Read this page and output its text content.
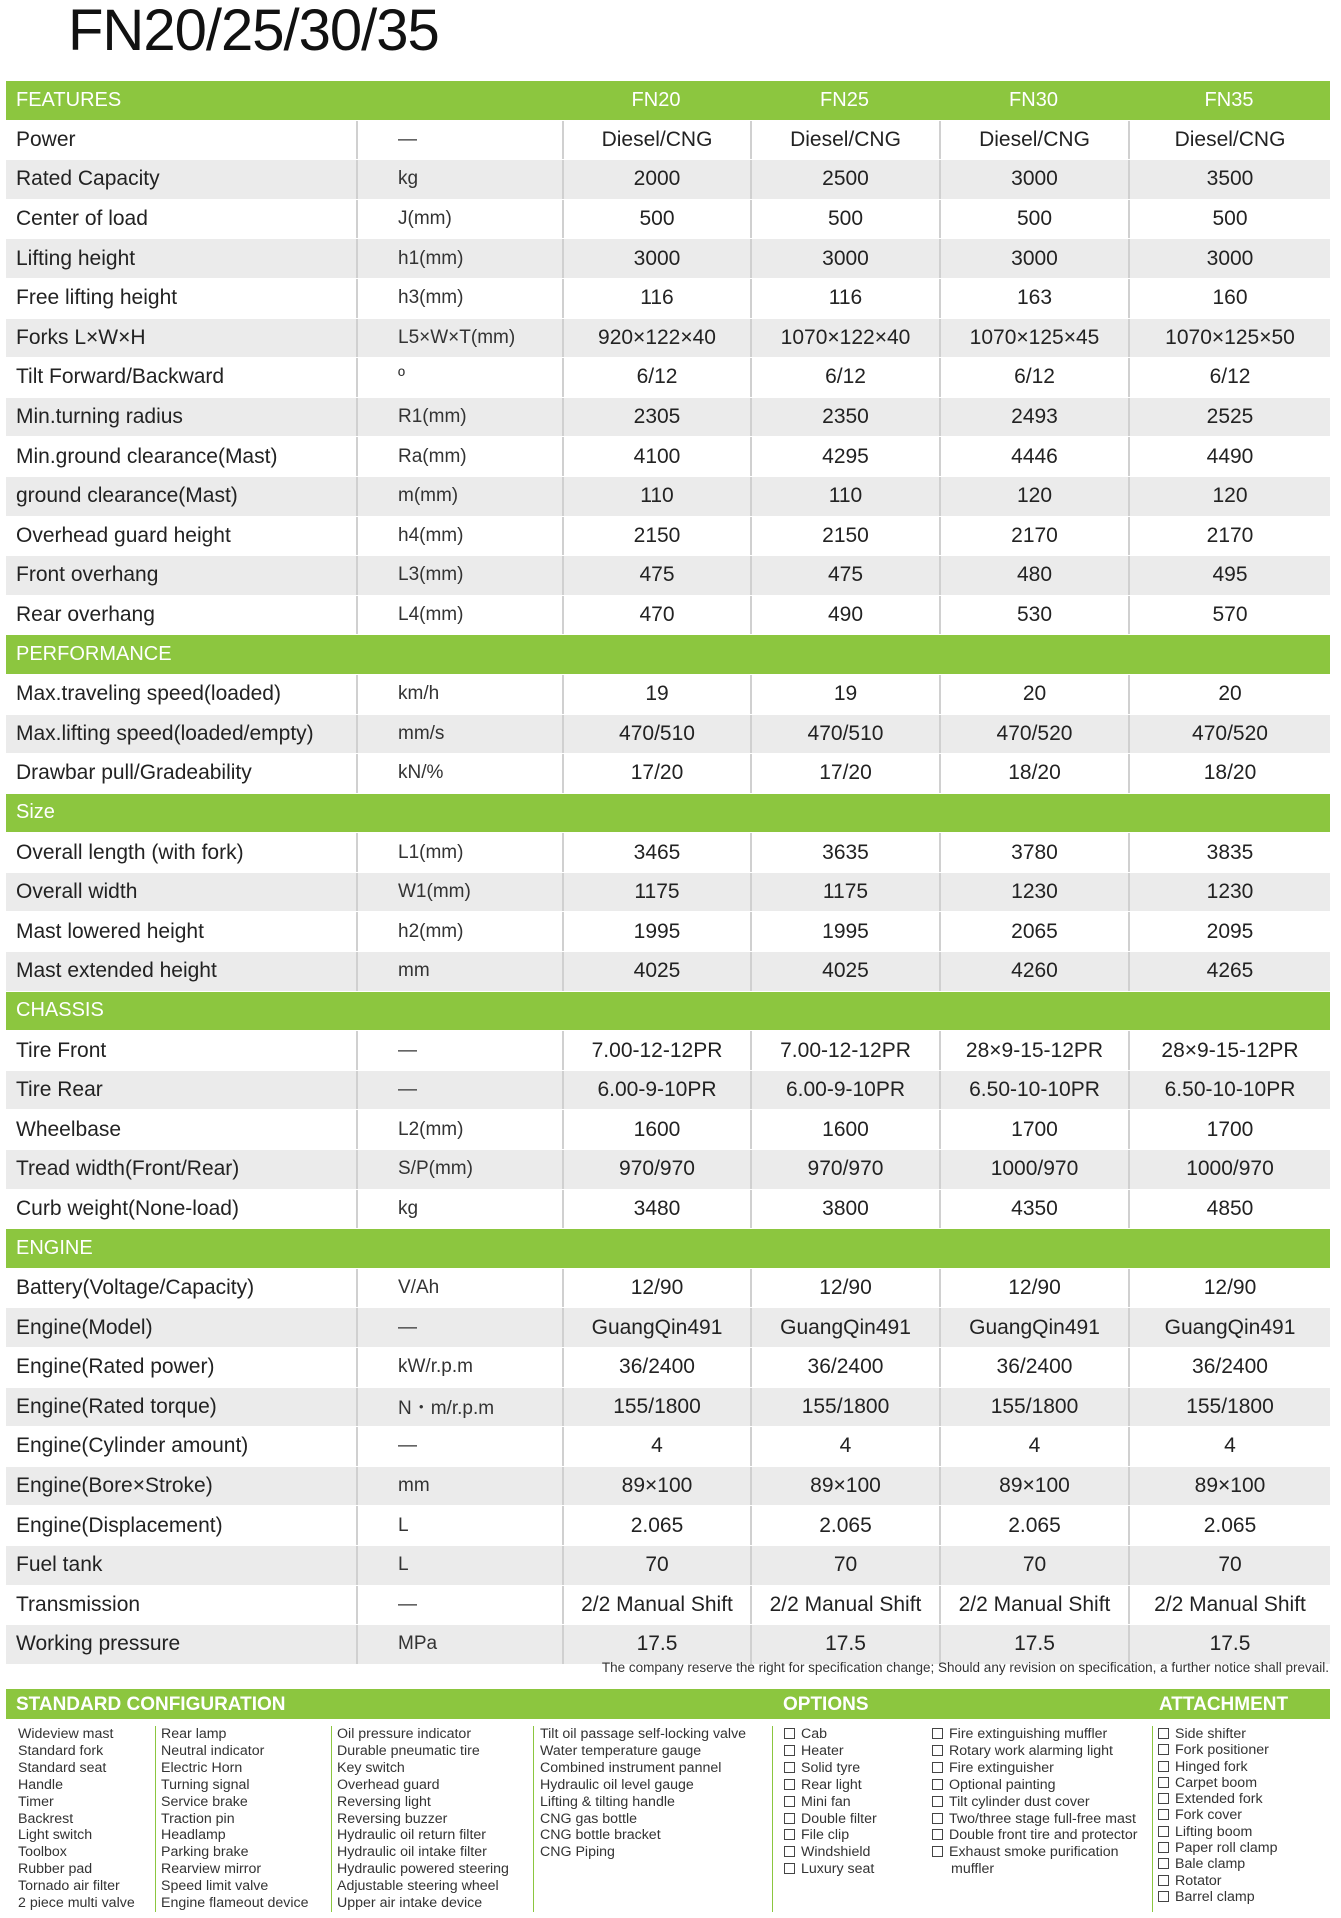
FN20/25/30/35
FEATURES	FN20	FN25	FN30	FN35
Power	—	Diesel/CNG	Diesel/CNG	Diesel/CNG	Diesel/CNG
Rated Capacity	kg	2000	2500	3000	3500
Center of load	J(mm)	500	500	500	500
Lifting height	h1(mm)	3000	3000	3000	3000
Free lifting height	h3(mm)	116	116	163	160
Forks L×W×H	L5×W×T(mm)	920×122×40	1070×122×40	1070×125×45	1070×125×50
Tilt Forward/Backward	º	6/12	6/12	6/12	6/12
Min.turning radius	R1(mm)	2305	2350	2493	2525
Min.ground clearance(Mast)	Ra(mm)	4100	4295	4446	4490
ground clearance(Mast)	m(mm)	110	110	120	120
Overhead guard height	h4(mm)	2150	2150	2170	2170
Front overhang	L3(mm)	475	475	480	495
Rear overhang	L4(mm)	470	490	530	570
PERFORMANCE
Max.traveling speed(loaded)	km/h	19	19	20	20
Max.lifting speed(loaded/empty)	mm/s	470/510	470/510	470/520	470/520
Drawbar pull/Gradeability	kN/%	17/20	17/20	18/20	18/20
Size
Overall length (with fork)	L1(mm)	3465	3635	3780	3835
Overall width	W1(mm)	1175	1175	1230	1230
Mast lowered height	h2(mm)	1995	1995	2065	2095
Mast extended height	mm	4025	4025	4260	4265
CHASSIS
Tire Front	—	7.00-12-12PR	7.00-12-12PR	28×9-15-12PR	28×9-15-12PR
Tire Rear	—	6.00-9-10PR	6.00-9-10PR	6.50-10-10PR	6.50-10-10PR
Wheelbase	L2(mm)	1600	1600	1700	1700
Tread width(Front/Rear)	S/P(mm)	970/970	970/970	1000/970	1000/970
Curb weight(None-load)	kg	3480	3800	4350	4850
ENGINE
Battery(Voltage/Capacity)	V/Ah	12/90	12/90	12/90	12/90
Engine(Model)	—	GuangQin491	GuangQin491	GuangQin491	GuangQin491
Engine(Rated power)	kW/r.p.m	36/2400	36/2400	36/2400	36/2400
Engine(Rated torque)	N・m/r.p.m	155/1800	155/1800	155/1800	155/1800
Engine(Cylinder amount)	—	4	4	4	4
Engine(Bore×Stroke)	mm	89×100	89×100	89×100	89×100
Engine(Displacement)	L	2.065	2.065	2.065	2.065
Fuel tank	L	70	70	70	70
Transmission	—	2/2 Manual Shift	2/2 Manual Shift	2/2 Manual Shift	2/2 Manual Shift
Working pressure	MPa	17.5	17.5	17.5	17.5
The company reserve the right for specification change; Should any revision on specification, a further notice shall prevail.
STANDARD CONFIGURATION	OPTIONS	ATTACHMENT
Wideview mast
Standard fork
Standard seat
Handle
Timer
Backrest
Light switch
Toolbox
Rubber pad
Tornado air filter
2 piece multi valve
Rear lamp
Neutral indicator
Electric Horn
Turning signal
Service brake
Traction pin
Headlamp
Parking brake
Rearview mirror
Speed limit valve
Engine flameout device
Oil pressure indicator
Durable pneumatic tire
Key switch
Overhead guard
Reversing light
Reversing buzzer
Hydraulic oil return filter
Hydraulic oil intake filter
Hydraulic powered steering
Adjustable steering wheel
Upper air intake device
Tilt oil passage self-locking valve
Water temperature gauge
Combined instrument pannel
Hydraulic oil level gauge
Lifting & tilting handle
CNG gas bottle
CNG bottle bracket
CNG Piping
Cab
Heater
Solid tyre
Rear light
Mini fan
Double filter
File clip
Windshield
Luxury seat
Fire extinguishing muffler
Rotary work alarming light
Fire extinguisher
Optional painting
Tilt cylinder dust cover
Two/three stage full-free mast
Double front tire and protector
Exhaust smoke purification
muffler
Side shifter
Fork positioner
Hinged fork
Carpet boom
Extended fork
Fork cover
Lifting boom
Paper roll clamp
Bale clamp
Rotator
Barrel clamp
